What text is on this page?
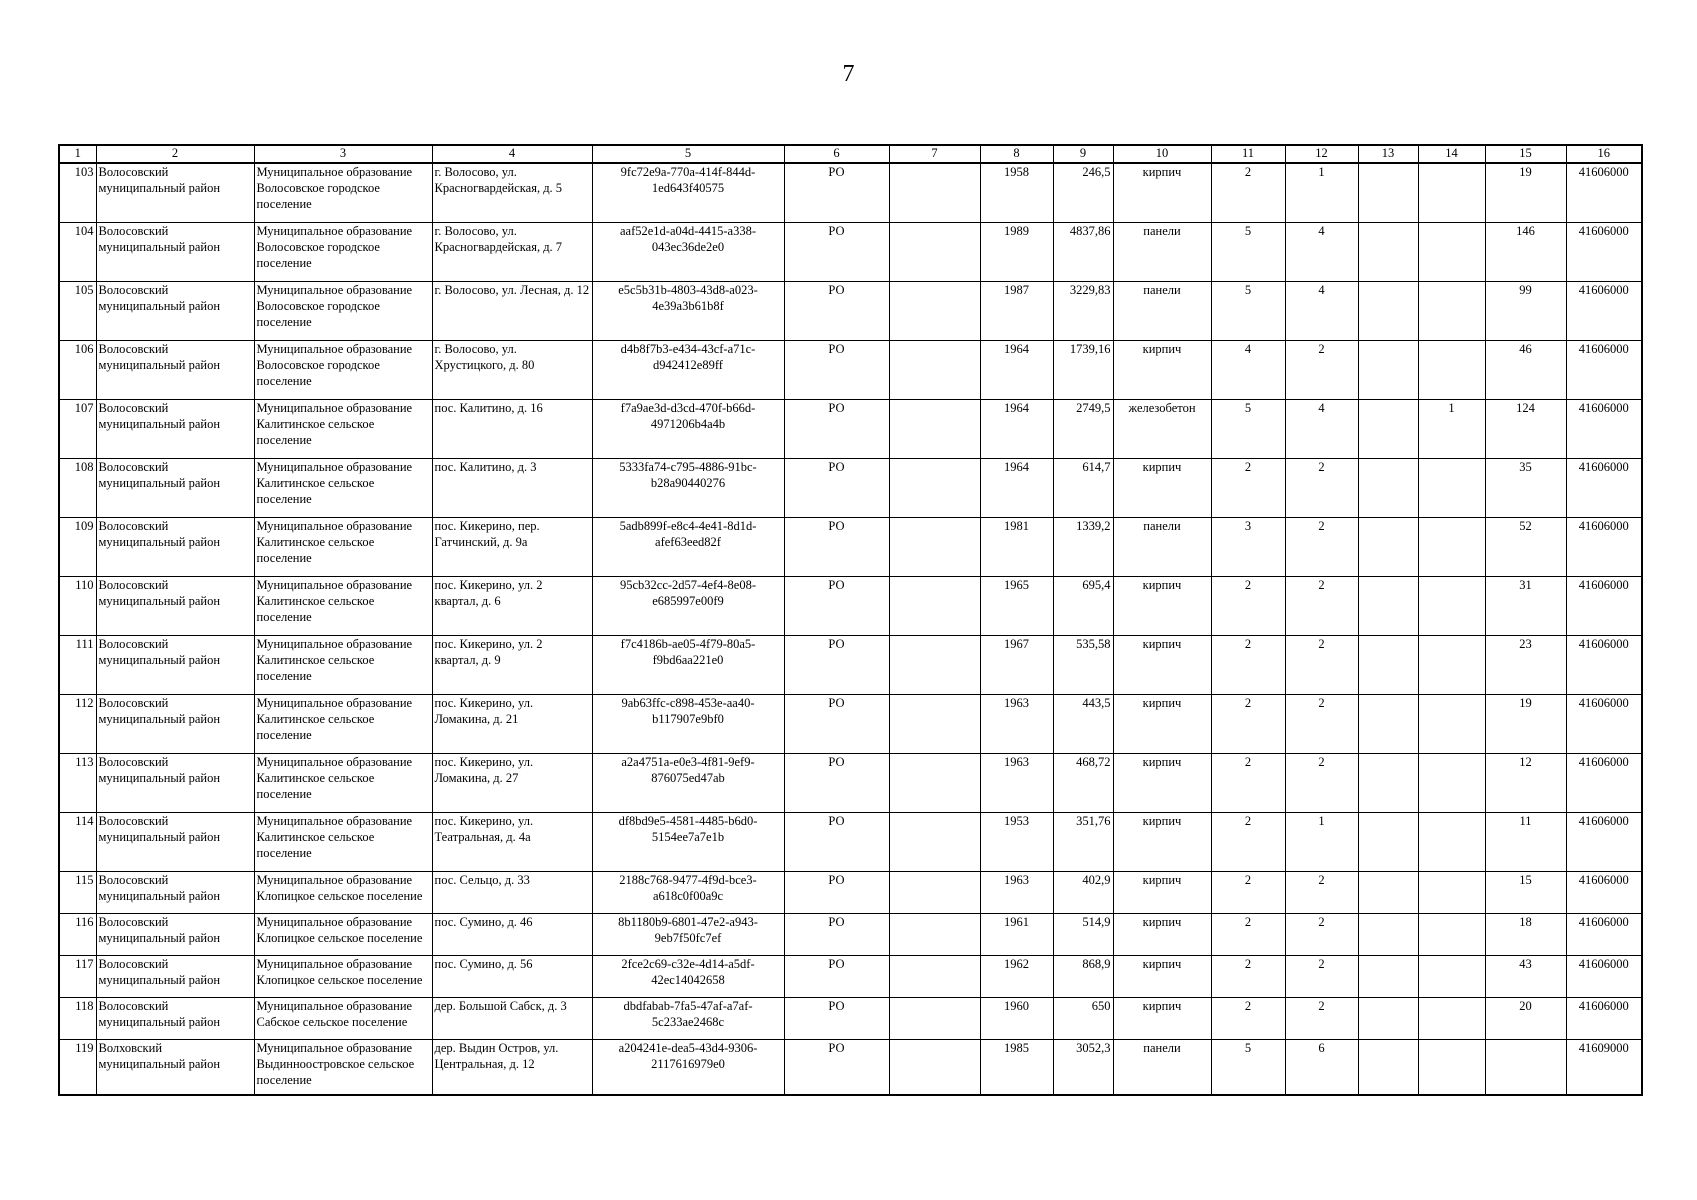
7
1	2	3	4	5	6	7	8	9	10	11	12	13	14	15	16
103	Волосовский муниципальный район	Муниципальное образование Волосовское городское поселение	г. Волосово, ул. Красногвардейская, д. 5	9fc72e9a-770a-414f-844d-1ed643f40575	РО		1958	246,5	кирпич	2	1			19	41606000
104	Волосовский муниципальный район	Муниципальное образование Волосовское городское поселение	г. Волосово, ул. Красногвардейская, д. 7	aaf52e1d-a04d-4415-a338-043ec36de2e0	РО		1989	4837,86	панели	5	4			146	41606000
105	Волосовский муниципальный район	Муниципальное образование Волосовское городское поселение	г. Волосово, ул. Лесная, д. 12	e5c5b31b-4803-43d8-a023-4e39a3b61b8f	РО		1987	3229,83	панели	5	4			99	41606000
106	Волосовский муниципальный район	Муниципальное образование Волосовское городское поселение	г. Волосово, ул. Хрустицкого, д. 80	d4b8f7b3-e434-43cf-a71c-d942412e89ff	РО		1964	1739,16	кирпич	4	2			46	41606000
107	Волосовский муниципальный район	Муниципальное образование Калитинское сельское поселение	пос. Калитино, д. 16	f7a9ae3d-d3cd-470f-b66d-4971206b4a4b	РО		1964	2749,5	железобетон	5	4		1	124	41606000
108	Волосовский муниципальный район	Муниципальное образование Калитинское сельское поселение	пос. Калитино, д. 3	5333fa74-c795-4886-91bc-b28a90440276	РО		1964	614,7	кирпич	2	2			35	41606000
109	Волосовский муниципальный район	Муниципальное образование Калитинское сельское поселение	пос. Кикерино, пер. Гатчинский, д. 9а	5adb899f-e8c4-4e41-8d1d-afef63eed82f	РО		1981	1339,2	панели	3	2			52	41606000
110	Волосовский муниципальный район	Муниципальное образование Калитинское сельское поселение	пос. Кикерино, ул. 2 квартал, д. 6	95cb32cc-2d57-4ef4-8e08-e685997e00f9	РО		1965	695,4	кирпич	2	2			31	41606000
111	Волосовский муниципальный район	Муниципальное образование Калитинское сельское поселение	пос. Кикерино, ул. 2 квартал, д. 9	f7c4186b-ae05-4f79-80a5-f9bd6aa221e0	РО		1967	535,58	кирпич	2	2			23	41606000
112	Волосовский муниципальный район	Муниципальное образование Калитинское сельское поселение	пос. Кикерино, ул. Ломакина, д. 21	9ab63ffc-c898-453e-aa40-b117907e9bf0	РО		1963	443,5	кирпич	2	2			19	41606000
113	Волосовский муниципальный район	Муниципальное образование Калитинское сельское поселение	пос. Кикерино, ул. Ломакина, д. 27	a2a4751a-e0e3-4f81-9ef9-876075ed47ab	РО		1963	468,72	кирпич	2	2			12	41606000
114	Волосовский муниципальный район	Муниципальное образование Калитинское сельское поселение	пос. Кикерино, ул. Театральная, д. 4а	df8bd9e5-4581-4485-b6d0-5154ee7a7e1b	РО		1953	351,76	кирпич	2	1			11	41606000
115	Волосовский муниципальный район	Муниципальное образование Клопицкое сельское поселение	пос. Сельцо, д. 33	2188c768-9477-4f9d-bce3-a618c0f00a9c	РО		1963	402,9	кирпич	2	2			15	41606000
116	Волосовский муниципальный район	Муниципальное образование Клопицкое сельское поселение	пос. Сумино, д. 46	8b1180b9-6801-47e2-a943-9eb7f50fc7ef	РО		1961	514,9	кирпич	2	2			18	41606000
117	Волосовский муниципальный район	Муниципальное образование Клопицкое сельское поселение	пос. Сумино, д. 56	2fce2c69-c32e-4d14-a5df-42ec14042658	РО		1962	868,9	кирпич	2	2			43	41606000
118	Волосовский муниципальный район	Муниципальное образование Сабское сельское поселение	дер. Большой Сабск, д. 3	dbdfabab-7fa5-47af-a7af-5c233ae2468c	РО		1960	650	кирпич	2	2			20	41606000
119	Волховский муниципальный район	Муниципальное образование Выдинноостровское сельское поселение	дер. Выдин Остров, ул. Центральная, д. 12	a204241e-dea5-43d4-9306-2117616979e0	РО		1985	3052,3	панели	5	6				41609000
